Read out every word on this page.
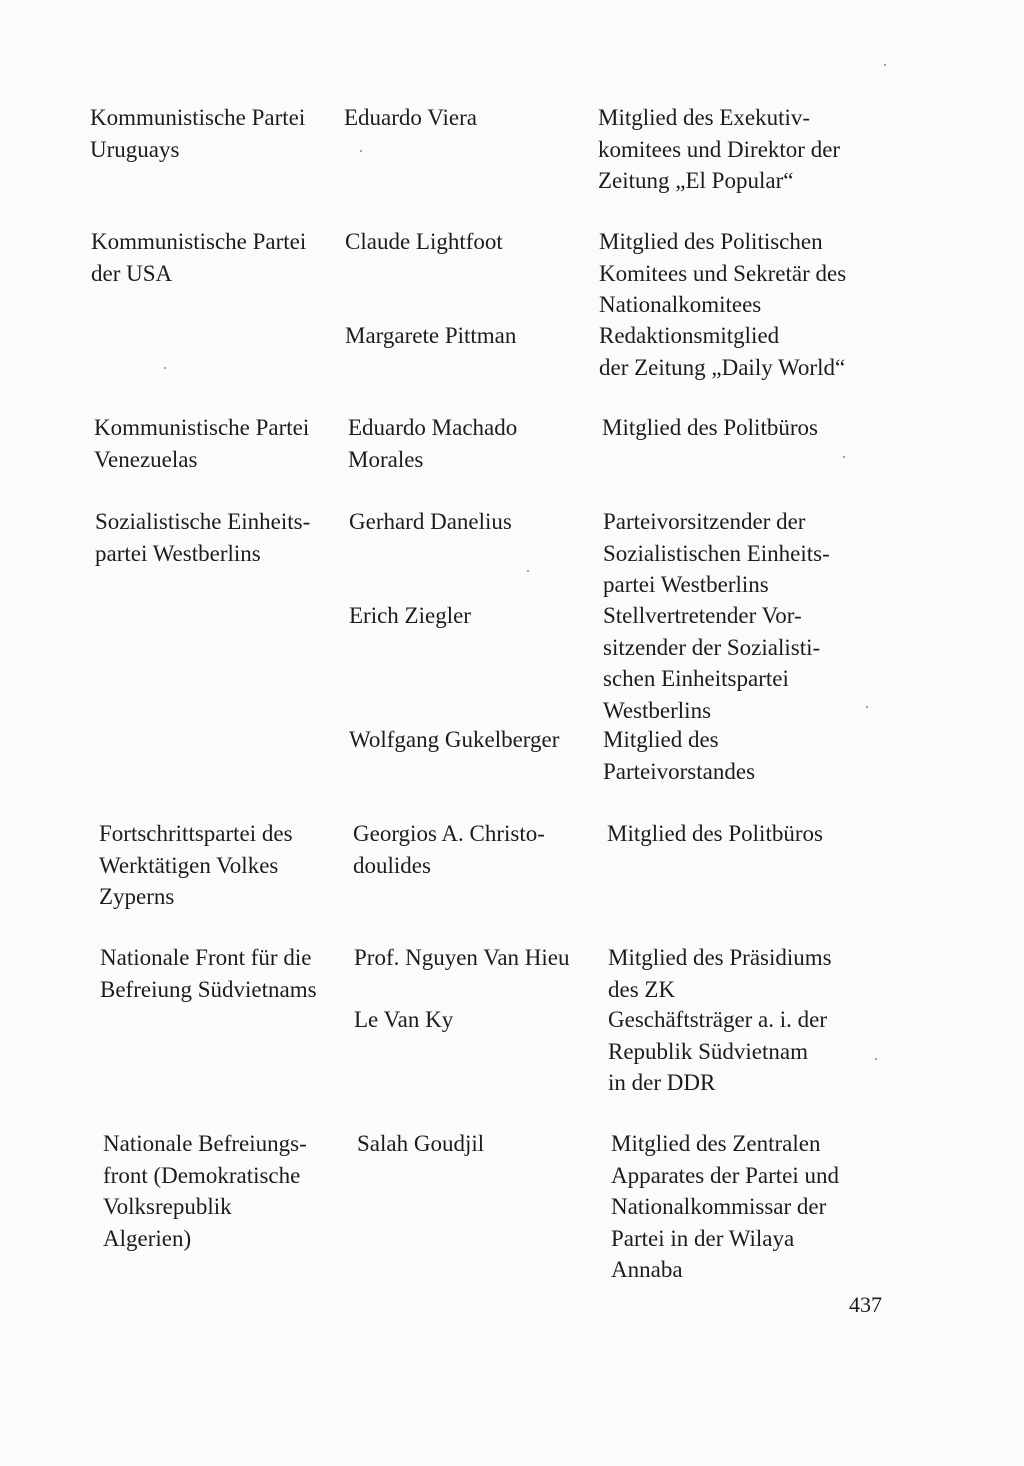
Kommunistische Partei
Uruguays
Eduardo Viera	Mitglied des Exekutiv-
komitees und Direktor der
Zeitung „El Popular“
Kommunistische Partei
der USA
Claude Lightfoot
Margarete Pittman
Mitglied des Politischen
Komitees und Sekretär des
Nationalkomitees
Redaktionsmitglied
der Zeitung „Daily World“
Kommunistische Partei
Venezuelas
Eduardo Machado
Morales
Mitglied des Politbüros
Sozialistische Einheits-
partei Westberlins
Gerhard Danelius
Erich Ziegler
Wolfgang Gukelberger
Parteivorsitzender der
Sozialistischen Einheits-
partei Westberlins
Stellvertretender Vor-
sitzender der Sozialisti-
schen Einheitspartei
Westberlins
Mitglied des
Parteivorstandes
Fortschrittspartei des
Werktätigen Volkes
Zyperns
Georgios A. Christo-
doulides
Mitglied des Politbüros
Nationale Front für die
Befreiung Südvietnams
Prof. Nguyen Van Hieu
Le Van Ky
Mitglied des Präsidiums
des ZK
Geschäftsträger a. i. der
Republik Südvietnam
in der DDR
Nationale Befreiungs-
front (Demokratische
Volksrepublik
Algerien)
Salah Goudjil	Mitglied des Zentralen
Apparates der Partei und
Nationalkommissar der
Partei in der Wilaya
Annaba
437
